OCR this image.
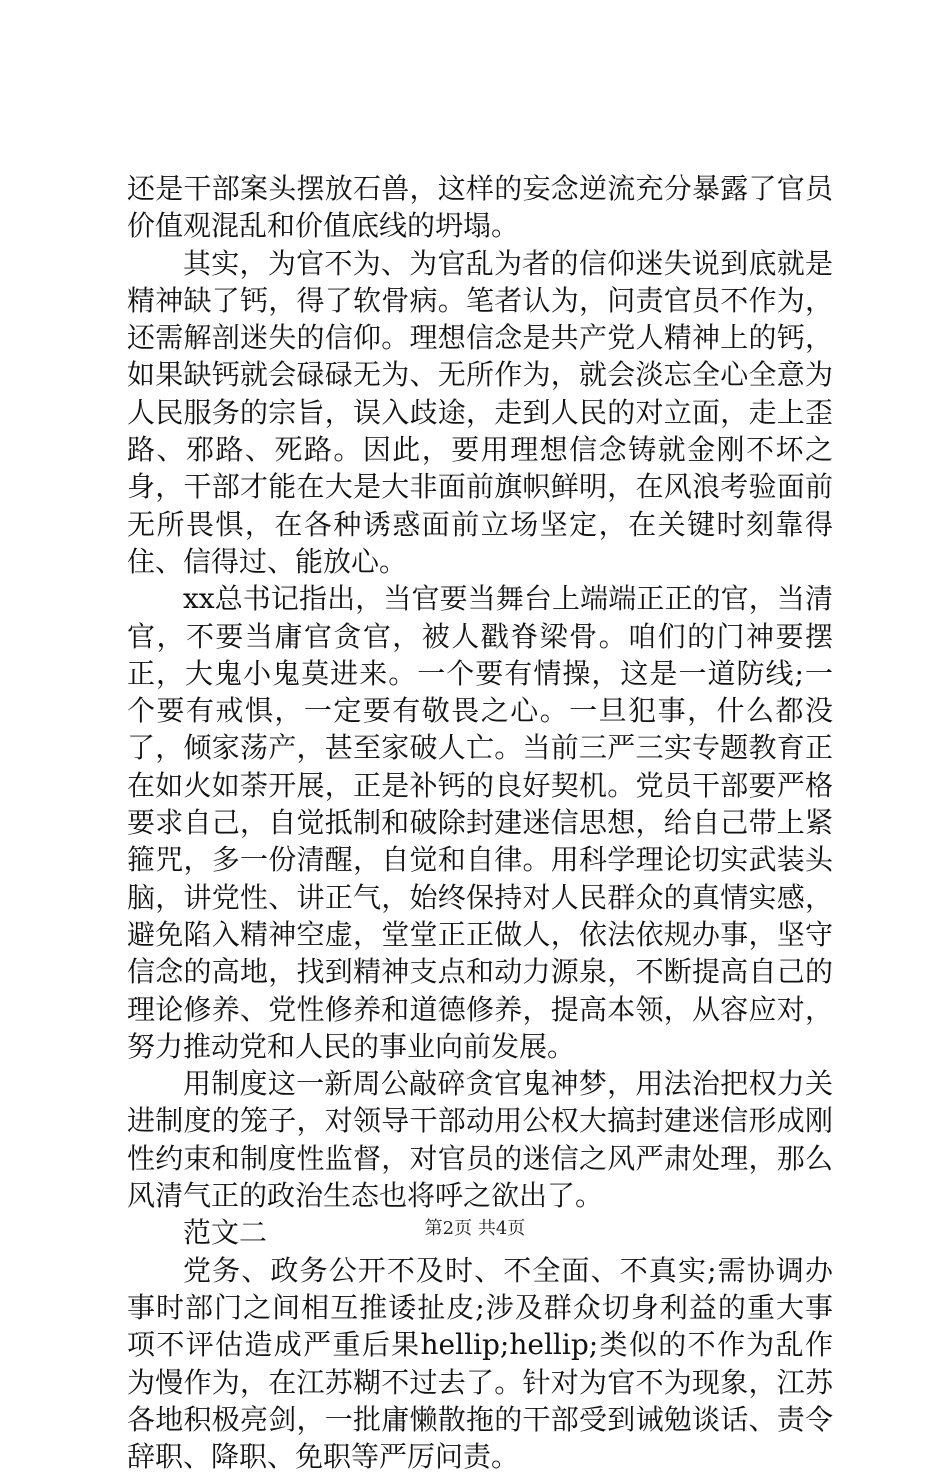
还是干部案头摆放石兽，这样的妄念逆流充分暴露了官员价值观混乱和价值底线的坍塌。

其实，为官不为、为官乱为者的信仰迷失说到底就是精神缺了钙，得了软骨病。笔者认为，问责官员不作为，还需解剖迷失的信仰。理想信念是共产党人精神上的钙，如果缺钙就会碌碌无为、无所作为，就会淡忘全心全意为人民服务的宗旨，误入歧途，走到人民的对立面，走上歪路、邪路、死路。因此，要用理想信念铸就金刚不坏之身，干部才能在大是大非面前旗帜鲜明，在风浪考验面前无所畏惧，在各种诱惑面前立场坚定，在关键时刻靠得住、信得过、能放心。

xx总书记指出，当官要当舞台上端端正正的官，当清官，不要当庸官贪官，被人戳脊梁骨。咱们的门神要摆正，大鬼小鬼莫进来。一个要有情操，这是一道防线;一个要有戒惧，一定要有敬畏之心。一旦犯事，什么都没了，倾家荡产，甚至家破人亡。当前三严三实专题教育正在如火如荼开展，正是补钙的良好契机。党员干部要严格要求自己，自觉抵制和破除封建迷信思想，给自己带上紧箍咒，多一份清醒，自觉和自律。用科学理论切实武装头脑，讲党性、讲正气，始终保持对人民群众的真情实感，避免陷入精神空虚，堂堂正正做人，依法依规办事，坚守信念的高地，找到精神支点和动力源泉，不断提高自己的理论修养、党性修养和道德修养，提高本领，从容应对，努力推动党和人民的事业向前发展。

用制度这一新周公敲碎贪官鬼神梦，用法治把权力关进制度的笼子，对领导干部动用公权大搞封建迷信形成刚性约束和制度性监督，对官员的迷信之风严肃处理，那么风清气正的政治生态也将呼之欲出了。

范文二

党务、政务公开不及时、不全面、不真实;需协调办事时部门之间相互推诿扯皮;涉及群众切身利益的重大事项不评估造成严重后果hellip;hellip;类似的不作为乱作为慢作为，在江苏糊不过去了。针对为官不为现象，江苏各地积极亮剑，一批庸懒散拖的干部受到诫勉谈话、责令辞职、降职、免职等严厉问责。

第2页 共4页
